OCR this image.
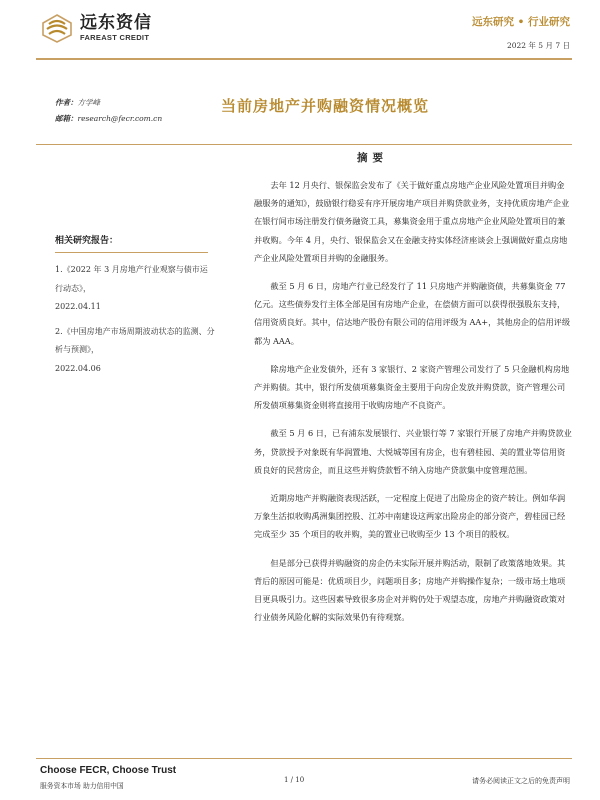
远东资信
FAREAST CREDIT
远东研究 • 行业研究
2022 年 5 月 7 日
作者：方学峰
邮箱：research@fecr.com.cn
当前房地产并购融资情况概览
相关研究报告：
1.《2022 年 3 月房地产行业观察与债市运行动态》，
2022.04.11
2.《中国房地产市场周期波动状态的监测、分析与预测》，
2022.04.06
摘要

去年 12 月央行、银保监会发布了《关于做好重点房地产企业风险处置项目并购金融服务的通知》，鼓励银行稳妥有序开展房地产项目并购贷款业务，支持优质房地产企业在银行间市场注册发行债务融资工具，募集资金用于重点房地产企业风险处置项目的兼并收购。今年 4 月，央行、银保监会又在金融支持实体经济座谈会上强调做好重点房地产企业风险处置项目并购的金融服务。

截至 5 月 6 日，房地产行业已经发行了 11 只房地产并购融资债，共募集资金 77 亿元。这些债券发行主体全部是国有房地产企业，在偿债方面可以获得很强股东支持，信用资质良好。其中，信达地产股份有限公司的信用评级为 AA+，其他房企的信用评级都为 AAA。

除房地产企业发债外，还有 3 家银行、2 家资产管理公司发行了 5 只金融机构房地产并购债。其中，银行所发债项募集资金主要用于向房企发放并购贷款，资产管理公司所发债项募集资金则将直接用于收购房地产不良资产。

截至 5 月 6 日，已有浦东发展银行、兴业银行等 7 家银行开展了房地产并购贷款业务，贷款授予对象既有华润置地、大悦城等国有房企，也有碧桂园、美的置业等信用资质良好的民营房企，而且这些并购贷款暂不纳入房地产贷款集中度管理范围。

近期房地产并购融资表现活跃，一定程度上促进了出险房企的资产转让。例如华润万象生活拟收购禹洲集团控股、江苏中南建设这两家出险房企的部分资产，碧桂园已经完成至少 35 个项目的收并购，美的置业已收购至少 13 个项目的股权。

但是部分已获得并购融资的房企仍未实际开展并购活动，限制了政策落地效果。其背后的原因可能是：优质项目少，问题项目多；房地产并购操作复杂；一级市场土地项目更具吸引力。这些因素导致很多房企对并购仍处于观望态度，房地产并购融资政策对行业债务风险化解的实际效果仍有待观察。

Choose FECR, Choose Trust
服务资本市场 助力信用中国
1 / 10	请务必阅读正文之后的免责声明
